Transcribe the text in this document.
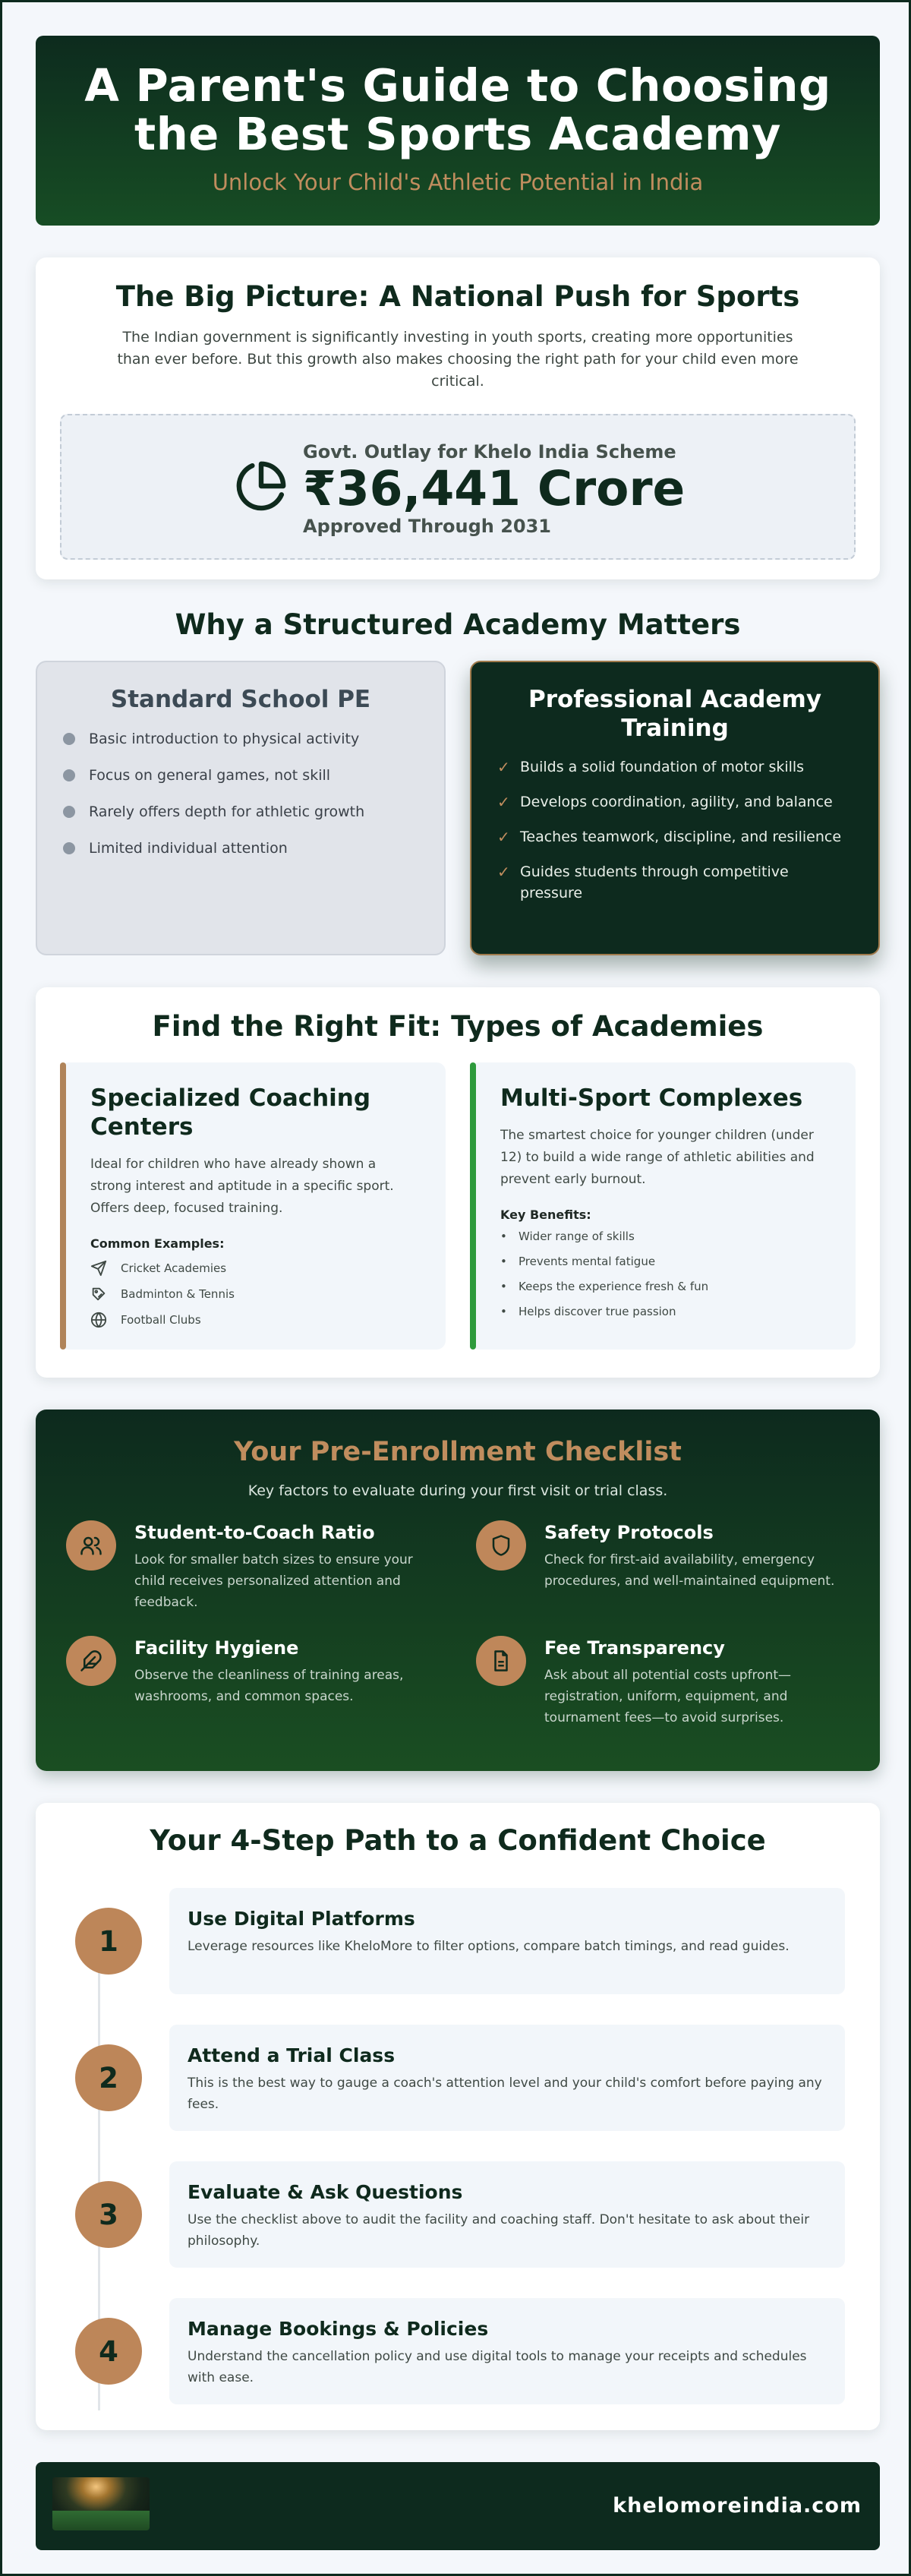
A Parent's Guide to Choosing
the Best Sports Academy
Unlock Your Child's Athletic Potential in India
The Big Picture: A National Push for Sports

The Indian government is significantly investing in youth sports, creating more opportunities than ever before. But this growth also makes choosing the right path for your child even more critical.

Govt. Outlay for Khelo India Scheme
₹36,441 Crore
Approved Through 2031
Why a Structured Academy Matters
Standard School PE
Basic introduction to physical activity
Focus on general games, not skill
Rarely offers depth for athletic growth
Limited individual attention
Professional Academy Training
✓ Builds a solid foundation of motor skills
✓ Develops coordination, agility, and balance
✓ Teaches teamwork, discipline, and resilience
✓ Guides students through competitive pressure
Find the Right Fit: Types of Academies
Specialized Coaching Centers

Ideal for children who have already shown a strong interest and aptitude in a specific sport. Offers deep, focused training.

Common Examples:
Cricket Academies
Badminton & Tennis
Football Clubs
Multi-Sport Complexes

The smartest choice for younger children (under 12) to build a wide range of athletic abilities and prevent early burnout.

Key Benefits:
•	Wider range of skills
•	Prevents mental fatigue
•	Keeps the experience fresh & fun
•	Helps discover true passion
Your Pre-Enrollment Checklist
Key factors to evaluate during your first visit or trial class.
Student-to-Coach Ratio

Look for smaller batch sizes to ensure your child receives personalized attention and feedback.

Safety Protocols

Check for first-aid availability, emergency procedures, and well-maintained equipment.

Facility Hygiene

Observe the cleanliness of training areas, washrooms, and common spaces.

Fee Transparency

Ask about all potential costs upfront—registration, uniform, equipment, and tournament fees—to avoid surprises.

Your 4-Step Path to a Confident Choice
1
Use Digital Platforms

Leverage resources like KheloMore to filter options, compare batch timings, and read guides.

2
Attend a Trial Class

This is the best way to gauge a coach's attention level and your child's comfort before paying any fees.

3
Evaluate & Ask Questions

Use the checklist above to audit the facility and coaching staff. Don't hesitate to ask about their philosophy.

4
Manage Bookings & Policies

Understand the cancellation policy and use digital tools to manage your receipts and schedules with ease.

khelomoreindia.com
